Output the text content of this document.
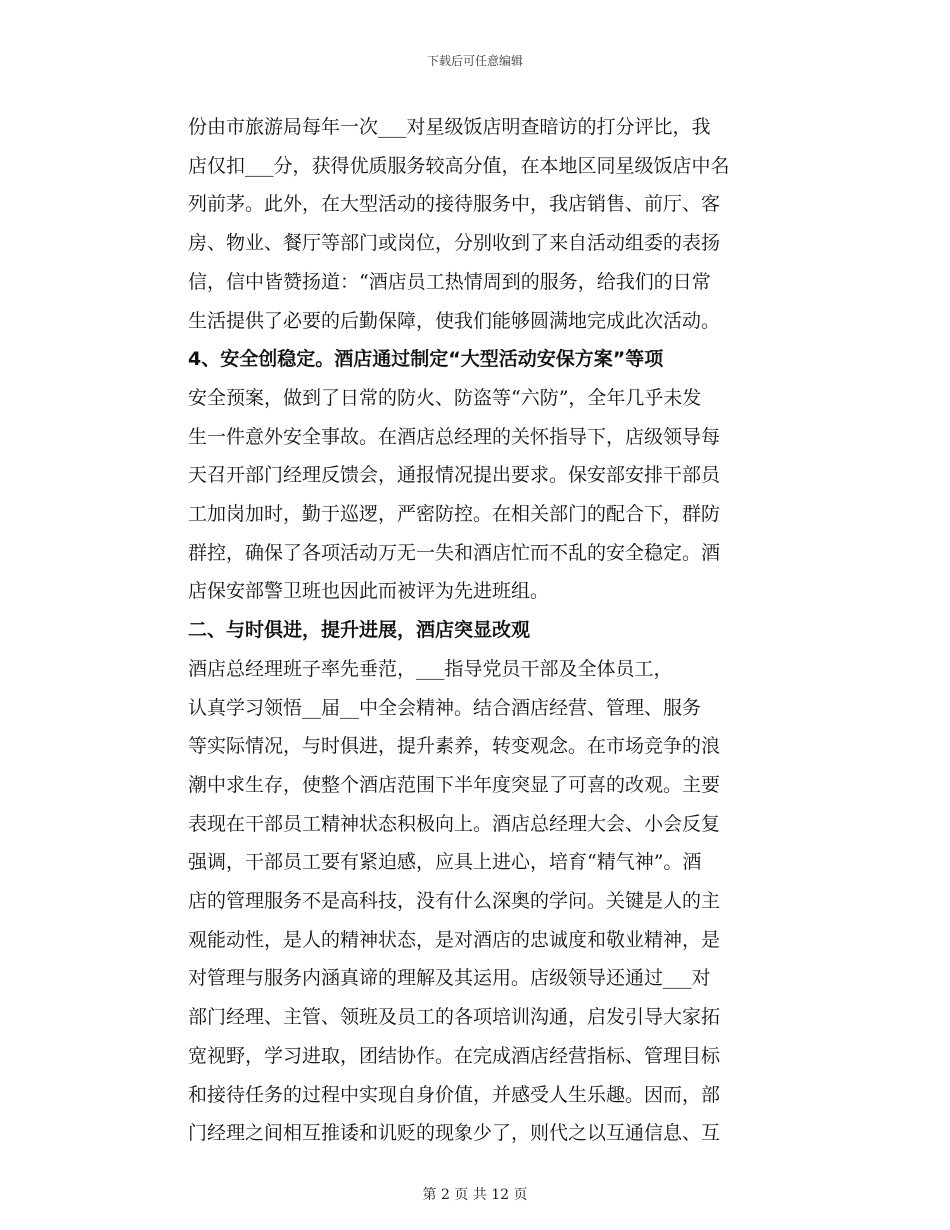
下载后可任意编辑
份由市旅游局每年一次___对星级饭店明查暗访的打分评比，我
店仅扣___分，获得优质服务较高分值，在本地区同星级饭店中名
列前茅。此外，在大型活动的接待服务中，我店销售、前厅、客
房、物业、餐厅等部门或岗位，分别收到了来自活动组委的表扬
信，信中皆赞扬道：“酒店员工热情周到的服务，给我们的日常
生活提供了必要的后勤保障，使我们能够圆满地完成此次活动。
4、安全创稳定。酒店通过制定“大型活动安保方案”等项
安全预案，做到了日常的防火、防盗等“六防”，全年几乎未发
生一件意外安全事故。在酒店总经理的关怀指导下，店级领导每
天召开部门经理反馈会，通报情况提出要求。保安部安排干部员
工加岗加时，勤于巡逻，严密防控。在相关部门的配合下，群防
群控，确保了各项活动万无一失和酒店忙而不乱的安全稳定。酒
店保安部警卫班也因此而被评为先进班组。
二、与时俱进，提升进展，酒店突显改观
酒店总经理班子率先垂范，___指导党员干部及全体员工，
认真学习领悟__届__中全会精神。结合酒店经营、管理、服务
等实际情况，与时俱进，提升素养，转变观念。在市场竞争的浪
潮中求生存，使整个酒店范围下半年度突显了可喜的改观。主要
表现在干部员工精神状态积极向上。酒店总经理大会、小会反复
强调，干部员工要有紧迫感，应具上进心，培育“精气神”。酒
店的管理服务不是高科技，没有什么深奥的学问。关键是人的主
观能动性，是人的精神状态，是对酒店的忠诚度和敬业精神，是
对管理与服务内涵真谛的理解及其运用。店级领导还通过___对
部门经理、主管、领班及员工的各项培训沟通，启发引导大家拓
宽视野，学习进取，团结协作。在完成酒店经营指标、管理目标
和接待任务的过程中实现自身价值，并感受人生乐趣。因而，部
门经理之间相互推诿和讥贬的现象少了，则代之以互通信息、互
第 2 页 共 12 页
